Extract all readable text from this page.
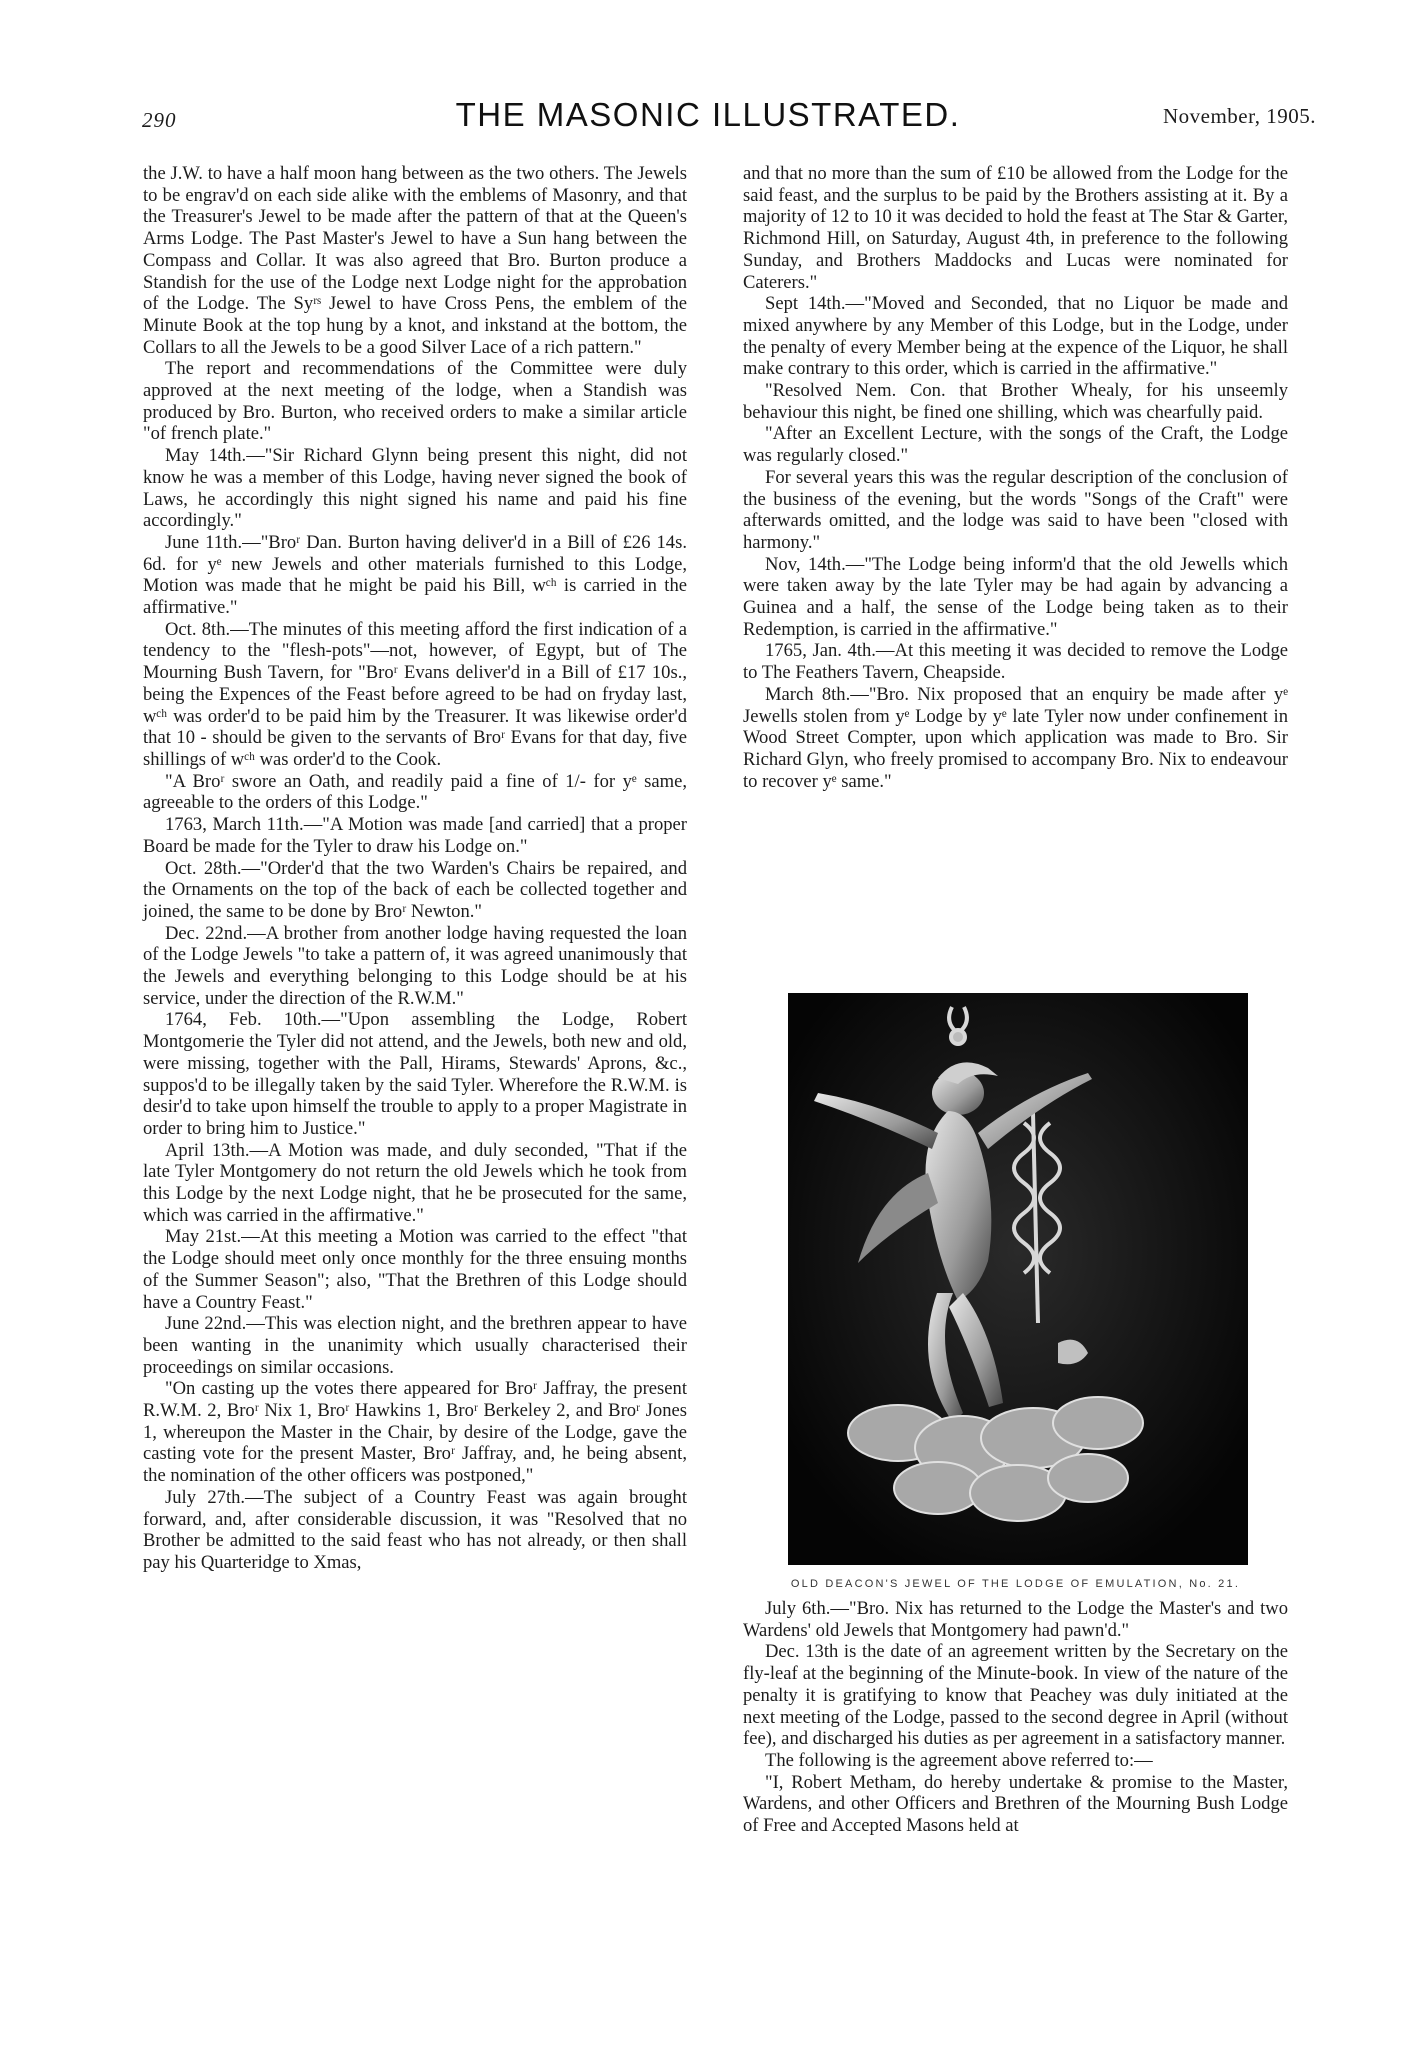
290	THE MASONIC ILLUSTRATED.	November, 1905.

the J.W. to have a half moon hang between as the two others. The Jewels to be engrav'd on each side alike with the emblems of Masonry, and that the Treasurer's Jewel to be made after the pattern of that at the Queen's Arms Lodge. The Past Master's Jewel to have a Sun hang between the Compass and Collar. It was also agreed that Bro. Burton produce a Standish for the use of the Lodge next Lodge night for the approbation of the Lodge. The Syʳˢ Jewel to have Cross Pens, the emblem of the Minute Book at the top hung by a knot, and inkstand at the bottom, the Collars to all the Jewels to be a good Silver Lace of a rich pattern."

The report and recommendations of the Committee were duly approved at the next meeting of the lodge, when a Standish was produced by Bro. Burton, who received orders to make a similar article "of french plate."

May 14th.—"Sir Richard Glynn being present this night, did not know he was a member of this Lodge, having never signed the book of Laws, he accordingly this night signed his name and paid his fine accordingly."

June 11th.—"Broʳ Dan. Burton having deliver'd in a Bill of £26 14s. 6d. for yᵉ new Jewels and other materials furnished to this Lodge, Motion was made that he might be paid his Bill, wᶜʰ is carried in the affirmative."

Oct. 8th.—The minutes of this meeting afford the first indication of a tendency to the "flesh-pots"—not, however, of Egypt, but of The Mourning Bush Tavern, for "Broʳ Evans deliver'd in a Bill of £17 10s., being the Expences of the Feast before agreed to be had on fryday last, wᶜʰ was order'd to be paid him by the Treasurer. It was likewise order'd that 10 - should be given to the servants of Broʳ Evans for that day, five shillings of wᶜʰ was order'd to the Cook.

"A Broʳ swore an Oath, and readily paid a fine of 1/- for yᵉ same, agreeable to the orders of this Lodge."

1763, March 11th.—"A Motion was made [and carried] that a proper Board be made for the Tyler to draw his Lodge on."

Oct. 28th.—"Order'd that the two Warden's Chairs be repaired, and the Ornaments on the top of the back of each be collected together and joined, the same to be done by Broʳ Newton."

Dec. 22nd.—A brother from another lodge having requested the loan of the Lodge Jewels "to take a pattern of, it was agreed unanimously that the Jewels and everything belonging to this Lodge should be at his service, under the direction of the R.W.M."

1764, Feb. 10th.—"Upon assembling the Lodge, Robert Montgomerie the Tyler did not attend, and the Jewels, both new and old, were missing, together with the Pall, Hirams, Stewards' Aprons, &c., suppos'd to be illegally taken by the said Tyler. Wherefore the R.W.M. is desir'd to take upon himself the trouble to apply to a proper Magistrate in order to bring him to Justice."

April 13th.—A Motion was made, and duly seconded, "That if the late Tyler Montgomery do not return the old Jewels which he took from this Lodge by the next Lodge night, that he be prosecuted for the same, which was carried in the affirmative."

May 21st.—At this meeting a Motion was carried to the effect "that the Lodge should meet only once monthly for the three ensuing months of the Summer Season"; also, "That the Brethren of this Lodge should have a Country Feast."

June 22nd.—This was election night, and the brethren appear to have been wanting in the unanimity which usually characterised their proceedings on similar occasions.

"On casting up the votes there appeared for Broʳ Jaffray, the present R.W.M. 2, Broʳ Nix 1, Broʳ Hawkins 1, Broʳ Berkeley 2, and Broʳ Jones 1, whereupon the Master in the Chair, by desire of the Lodge, gave the casting vote for the present Master, Broʳ Jaffray, and, he being absent, the nomination of the other officers was postponed,"

July 27th.—The subject of a Country Feast was again brought forward, and, after considerable discussion, it was "Resolved that no Brother be admitted to the said feast who has not already, or then shall pay his Quarteridge to Xmas,

and that no more than the sum of £10 be allowed from the Lodge for the said feast, and the surplus to be paid by the Brothers assisting at it. By a majority of 12 to 10 it was decided to hold the feast at The Star & Garter, Richmond Hill, on Saturday, August 4th, in preference to the following Sunday, and Brothers Maddocks and Lucas were nominated for Caterers."

Sept 14th.—"Moved and Seconded, that no Liquor be made and mixed anywhere by any Member of this Lodge, but in the Lodge, under the penalty of every Member being at the expence of the Liquor, he shall make contrary to this order, which is carried in the affirmative."

"Resolved Nem. Con. that Brother Whealy, for his unseemly behaviour this night, be fined one shilling, which was chearfully paid.

"After an Excellent Lecture, with the songs of the Craft, the Lodge was regularly closed."

For several years this was the regular description of the conclusion of the business of the evening, but the words "Songs of the Craft" were afterwards omitted, and the lodge was said to have been "closed with harmony."

Nov, 14th.—"The Lodge being inform'd that the old Jewells which were taken away by the late Tyler may be had again by advancing a Guinea and a half, the sense of the Lodge being taken as to their Redemption, is carried in the affirmative."

1765, Jan. 4th.—At this meeting it was decided to remove the Lodge to The Feathers Tavern, Cheapside.

March 8th.—"Bro. Nix proposed that an enquiry be made after yᵉ Jewells stolen from yᵉ Lodge by yᵉ late Tyler now under confinement in Wood Street Compter, upon which application was made to Bro. Sir Richard Glyn, who freely promised to accompany Bro. Nix to endeavour to recover yᵉ same."

OLD DEACON'S JEWEL OF THE LODGE OF EMULATION, No. 21.

July 6th.—"Bro. Nix has returned to the Lodge the Master's and two Wardens' old Jewels that Montgomery had pawn'd."

Dec. 13th is the date of an agreement written by the Secretary on the fly-leaf at the beginning of the Minute-book. In view of the nature of the penalty it is gratifying to know that Peachey was duly initiated at the next meeting of the Lodge, passed to the second degree in April (without fee), and discharged his duties as per agreement in a satisfactory manner.

The following is the agreement above referred to:—

"I, Robert Metham, do hereby undertake & promise to the Master, Wardens, and other Officers and Brethren of the Mourning Bush Lodge of Free and Accepted Masons held at
